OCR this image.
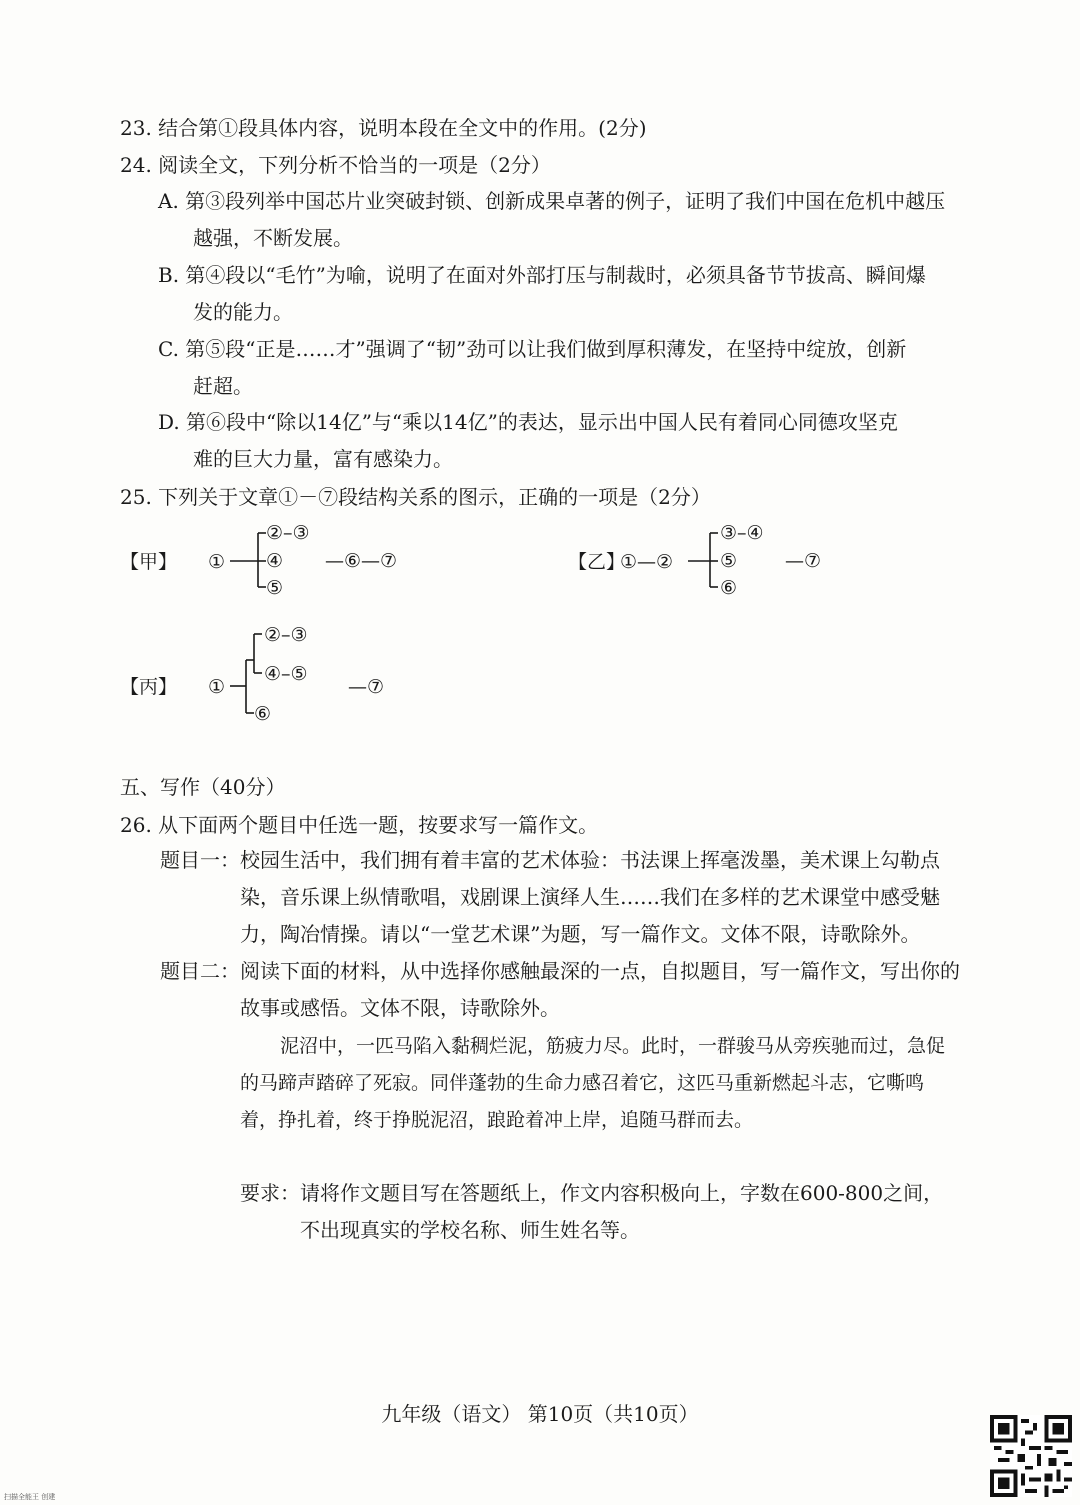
23. 结合第①段具体内容，说明本段在全文中的作用。(2分)
24. 阅读全文，下列分析不恰当的一项是（2分）
A. 第③段列举中国芯片业突破封锁、创新成果卓著的例子，证明了我们中国在危机中越压
越强，不断发展。
B. 第④段以“毛竹”为喻，说明了在面对外部打压与制裁时，必须具备节节拔高、瞬间爆
发的能力。
C. 第⑤段“正是……才”强调了“韧”劲可以让我们做到厚积薄发，在坚持中绽放，创新
赶超。
D. 第⑥段中“除以14亿”与“乘以14亿”的表达，显示出中国人民有着同心同德攻坚克
难的巨大力量，富有感染力。
25. 下列关于文章①－⑦段结构关系的图示，正确的一项是（2分）
【甲】 ①
②–③
④
⑤
—⑥—⑦	【乙】
①—②
③–④
⑤
⑥
—⑦
【丙】 ①
②–③
④–⑤
⑥
—⑦
五、写作（40分）
26. 从下面两个题目中任选一题，按要求写一篇作文。
题目一：校园生活中，我们拥有着丰富的艺术体验：书法课上挥毫泼墨，美术课上勾勒点染，音乐课上纵情歌唱，戏剧课上演绎人生……我们在多样的艺术课堂中感受魅力，陶冶情操。请以“一堂艺术课”为题，写一篇作文。文体不限，诗歌除外。
题目二：阅读下面的材料，从中选择你感触最深的一点，自拟题目，写一篇作文，写出你的故事或感悟。文体不限，诗歌除外。
泥沼中，一匹马陷入黏稠烂泥，筋疲力尽。此时，一群骏马从旁疾驰而过，急促的马蹄声踏碎了死寂。同伴蓬勃的生命力感召着它，这匹马重新燃起斗志，它嘶鸣着，挣扎着，终于挣脱泥沼，踉跄着冲上岸，追随马群而去。
要求：请将作文题目写在答题纸上，作文内容积极向上，字数在600-800之间，不出现真实的学校名称、师生姓名等。
九年级（语文） 第10页（共10页）
扫描全能王 创建
